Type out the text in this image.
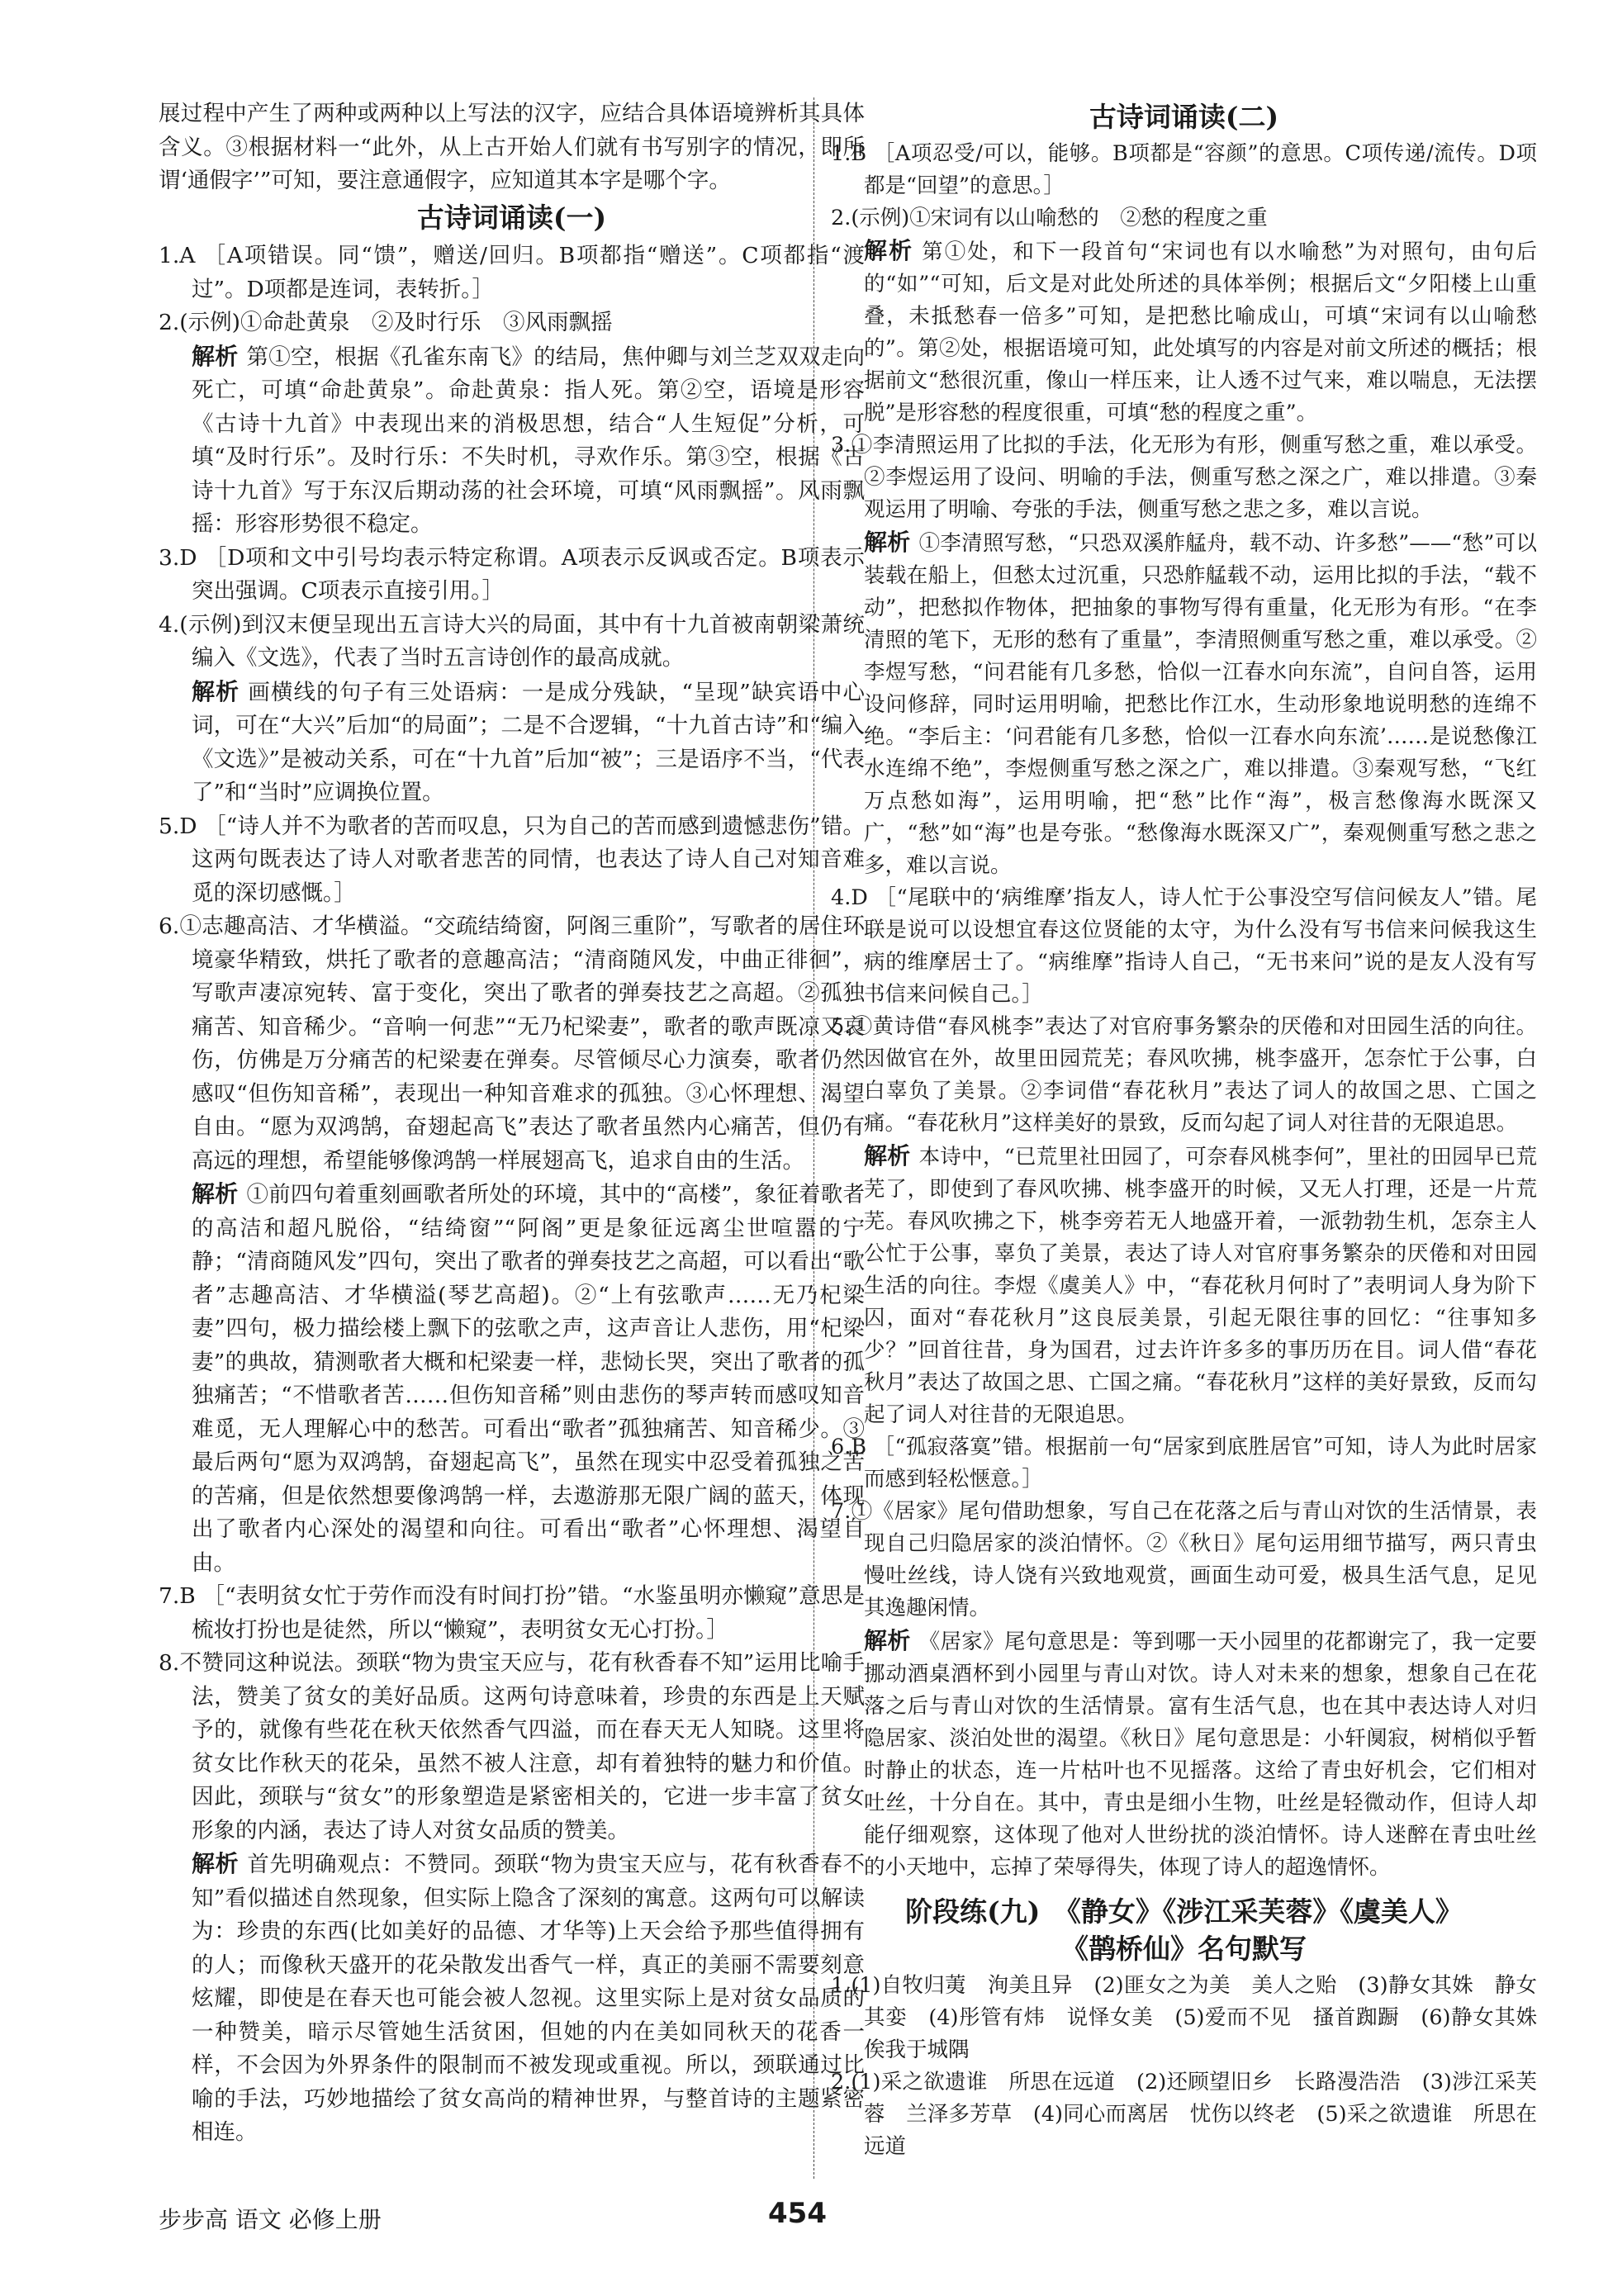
展过程中产生了两种或两种以上写法的汉字，应结合具体语境辨析其具体含义。③根据材料一“此外，从上古开始人们就有书写别字的情况，即所谓‘通假字’”可知，要注意通假字，应知道其本字是哪个字。

古诗词诵读(一)

1.A ［A项错误。同“馈”，赠送/回归。B项都指“赠送”。C项都指“渡过”。D项都是连词，表转折。］

2.(示例)①命赴黄泉　②及时行乐　③风雨飘摇

解析 第①空，根据《孔雀东南飞》的结局，焦仲卿与刘兰芝双双走向死亡，可填“命赴黄泉”。命赴黄泉：指人死。第②空，语境是形容《古诗十九首》中表现出来的消极思想，结合“人生短促”分析，可填“及时行乐”。及时行乐：不失时机，寻欢作乐。第③空，根据《古诗十九首》写于东汉后期动荡的社会环境，可填“风雨飘摇”。风雨飘摇：形容形势很不稳定。

3.D ［D项和文中引号均表示特定称谓。A项表示反讽或否定。B项表示突出强调。C项表示直接引用。］

4.(示例)到汉末便呈现出五言诗大兴的局面，其中有十九首被南朝梁萧统编入《文选》，代表了当时五言诗创作的最高成就。

解析 画横线的句子有三处语病：一是成分残缺，“呈现”缺宾语中心词，可在“大兴”后加“的局面”；二是不合逻辑，“十九首古诗”和“编入《文选》”是被动关系，可在“十九首”后加“被”；三是语序不当，“代表了”和“当时”应调换位置。

5.D ［“诗人并不为歌者的苦而叹息，只为自己的苦而感到遗憾悲伤”错。这两句既表达了诗人对歌者悲苦的同情，也表达了诗人自己对知音难觅的深切感慨。］

6.①志趣高洁、才华横溢。“交疏结绮窗，阿阁三重阶”，写歌者的居住环境豪华精致，烘托了歌者的意趣高洁；“清商随风发，中曲正徘徊”，写歌声凄凉宛转、富于变化，突出了歌者的弹奏技艺之高超。②孤独痛苦、知音稀少。“音响一何悲”“无乃杞梁妻”，歌者的歌声既凉又哀伤，仿佛是万分痛苦的杞梁妻在弹奏。尽管倾尽心力演奏，歌者仍然感叹“但伤知音稀”，表现出一种知音难求的孤独。③心怀理想、渴望自由。“愿为双鸿鹄，奋翅起高飞”表达了歌者虽然内心痛苦，但仍有高远的理想，希望能够像鸿鹄一样展翅高飞，追求自由的生活。

解析 ①前四句着重刻画歌者所处的环境，其中的“高楼”，象征着歌者的高洁和超凡脱俗，“结绮窗”“阿阁”更是象征远离尘世喧嚣的宁静；“清商随风发”四句，突出了歌者的弹奏技艺之高超，可以看出“歌者”志趣高洁、才华横溢(琴艺高超)。②“上有弦歌声……无乃杞梁妻”四句，极力描绘楼上飘下的弦歌之声，这声音让人悲伤，用“杞梁妻”的典故，猜测歌者大概和杞梁妻一样，悲恸长哭，突出了歌者的孤独痛苦；“不惜歌者苦……但伤知音稀”则由悲伤的琴声转而感叹知音难觅，无人理解心中的愁苦。可看出“歌者”孤独痛苦、知音稀少。③最后两句“愿为双鸿鹄，奋翅起高飞”，虽然在现实中忍受着孤独之苦的苦痛，但是依然想要像鸿鹄一样，去遨游那无限广阔的蓝天，体现出了歌者内心深处的渴望和向往。可看出“歌者”心怀理想、渴望自由。

7.B ［“表明贫女忙于劳作而没有时间打扮”错。“水鉴虽明亦懒窥”意思是梳妆打扮也是徒然，所以“懒窥”，表明贫女无心打扮。］

8.不赞同这种说法。颈联“物为贵宝天应与，花有秋香春不知”运用比喻手法，赞美了贫女的美好品质。这两句诗意味着，珍贵的东西是上天赋予的，就像有些花在秋天依然香气四溢，而在春天无人知晓。这里将贫女比作秋天的花朵，虽然不被人注意，却有着独特的魅力和价值。因此，颈联与“贫女”的形象塑造是紧密相关的，它进一步丰富了贫女形象的内涵，表达了诗人对贫女品质的赞美。

解析 首先明确观点：不赞同。颈联“物为贵宝天应与，花有秋香春不知”看似描述自然现象，但实际上隐含了深刻的寓意。这两句可以解读为：珍贵的东西(比如美好的品德、才华等)上天会给予那些值得拥有的人；而像秋天盛开的花朵散发出香气一样，真正的美丽不需要刻意炫耀，即使是在春天也可能会被人忽视。这里实际上是对贫女品质的一种赞美，暗示尽管她生活贫困，但她的内在美如同秋天的花香一样，不会因为外界条件的限制而不被发现或重视。所以，颈联通过比喻的手法，巧妙地描绘了贫女高尚的精神世界，与整首诗的主题紧密相连。

古诗词诵读(二)

1.B ［A项忍受/可以，能够。B项都是“容颜”的意思。C项传递/流传。D项都是“回望”的意思。］

2.(示例)①宋词有以山喻愁的　②愁的程度之重

解析 第①处，和下一段首句“宋词也有以水喻愁”为对照句，由句后的“如”“可知，后文是对此处所述的具体举例；根据后文“夕阳楼上山重叠，未抵愁春一倍多”可知，是把愁比喻成山，可填“宋词有以山喻愁的”。第②处，根据语境可知，此处填写的内容是对前文所述的概括；根据前文“愁很沉重，像山一样压来，让人透不过气来，难以喘息，无法摆脱”是形容愁的程度很重，可填“愁的程度之重”。

3.①李清照运用了比拟的手法，化无形为有形，侧重写愁之重，难以承受。②李煜运用了设问、明喻的手法，侧重写愁之深之广，难以排遣。③秦观运用了明喻、夸张的手法，侧重写愁之悲之多，难以言说。

解析 ①李清照写愁，“只恐双溪舴艋舟，载不动、许多愁”——“愁”可以装载在船上，但愁太过沉重，只恐舴艋载不动，运用比拟的手法，“载不动”，把愁拟作物体，把抽象的事物写得有重量，化无形为有形。“在李清照的笔下，无形的愁有了重量”，李清照侧重写愁之重，难以承受。②李煜写愁，“问君能有几多愁，恰似一江春水向东流”，自问自答，运用设问修辞，同时运用明喻，把愁比作江水，生动形象地说明愁的连绵不绝。“李后主：‘问君能有几多愁，恰似一江春水向东流’……是说愁像江水连绵不绝”，李煜侧重写愁之深之广，难以排遣。③秦观写愁，“飞红万点愁如海”，运用明喻，把“愁”比作“海”，极言愁像海水既深又广，“愁”如“海”也是夸张。“愁像海水既深又广”，秦观侧重写愁之悲之多，难以言说。

4.D ［“尾联中的‘病维摩’指友人，诗人忙于公事没空写信问候友人”错。尾联是说可以设想宜春这位贤能的太守，为什么没有写书信来问候我这生病的维摩居士了。“病维摩”指诗人自己，“无书来问”说的是友人没有写书信来问候自己。］

5.①黄诗借“春风桃李”表达了对官府事务繁杂的厌倦和对田园生活的向往。因做官在外，故里田园荒芜；春风吹拂，桃李盛开，怎奈忙于公事，白白辜负了美景。②李词借“春花秋月”表达了词人的故国之思、亡国之痛。“春花秋月”这样美好的景致，反而勾起了词人对往昔的无限追思。

解析 本诗中，“已荒里社田园了，可奈春风桃李何”，里社的田园早已荒芜了，即使到了春风吹拂、桃李盛开的时候，又无人打理，还是一片荒芜。春风吹拂之下，桃李旁若无人地盛开着，一派勃勃生机，怎奈主人公忙于公事，辜负了美景，表达了诗人对官府事务繁杂的厌倦和对田园生活的向往。李煜《虞美人》中，“春花秋月何时了”表明词人身为阶下囚，面对“春花秋月”这良辰美景，引起无限往事的回忆：“往事知多少？”回首往昔，身为国君，过去许许多多的事历历在目。词人借“春花秋月”表达了故国之思、亡国之痛。“春花秋月”这样的美好景致，反而勾起了词人对往昔的无限追思。

6.B ［“孤寂落寞”错。根据前一句“居家到底胜居官”可知，诗人为此时居家而感到轻松惬意。］

7.①《居家》尾句借助想象，写自己在花落之后与青山对饮的生活情景，表现自己归隐居家的淡泊情怀。②《秋日》尾句运用细节描写，两只青虫慢吐丝线，诗人饶有兴致地观赏，画面生动可爱，极具生活气息，足见其逸趣闲情。

解析 《居家》尾句意思是：等到哪一天小园里的花都谢完了，我一定要挪动酒桌酒杯到小园里与青山对饮。诗人对未来的想象，想象自己在花落之后与青山对饮的生活情景。富有生活气息，也在其中表达诗人对归隐居家、淡泊处世的渴望。《秋日》尾句意思是：小轩阒寂，树梢似乎暂时静止的状态，连一片枯叶也不见摇落。这给了青虫好机会，它们相对吐丝，十分自在。其中，青虫是细小生物，吐丝是轻微动作，但诗人却能仔细观察，这体现了他对人世纷扰的淡泊情怀。诗人迷醉在青虫吐丝的小天地中，忘掉了荣辱得失，体现了诗人的超逸情怀。

阶段练(九)　《静女》《涉江采芙蓉》《虞美人》
《鹊桥仙》名句默写

1.(1)自牧归荑　洵美且异　(2)匪女之为美　美人之贻　(3)静女其姝　静女其娈　(4)彤管有炜　说怿女美　(5)爱而不见　搔首踟蹰　(6)静女其姝　俟我于城隅

2.(1)采之欲遗谁　所思在远道　(2)还顾望旧乡　长路漫浩浩　(3)涉江采芙蓉　兰泽多芳草　(4)同心而离居　忧伤以终老　(5)采之欲遗谁　所思在远道

步步高 语文 必修上册	454
